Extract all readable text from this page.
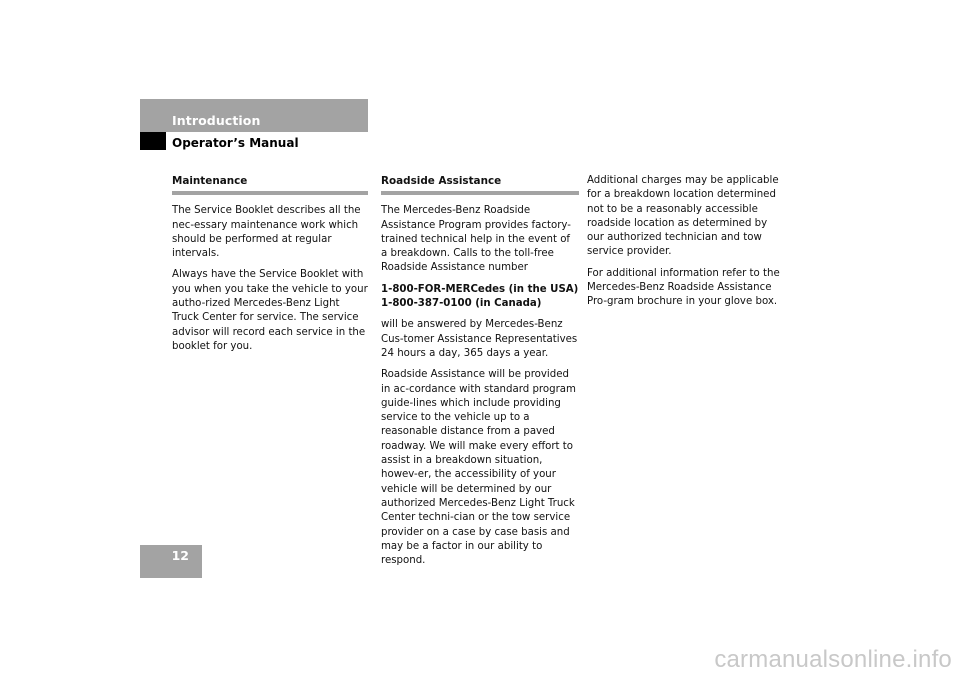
Introduction
Operator’s Manual
Maintenance

The Service Booklet describes all the nec-essary maintenance work which should be performed at regular intervals.

Always have the Service Booklet with you when you take the vehicle to your autho-rized Mercedes-Benz Light Truck Center for service. The service advisor will record each service in the booklet for you.

Roadside Assistance

The Mercedes-Benz Roadside Assistance Program provides factory-trained technical help in the event of a breakdown. Calls to the toll-free Roadside Assistance number

1-800-FOR-MERCedes (in the USA)

1-800-387-0100 (in Canada)

will be answered by Mercedes-Benz Cus-tomer Assistance Representatives 24 hours a day, 365 days a year.

Roadside Assistance will be provided in ac-cordance with standard program guide-lines which include providing service to the vehicle up to a reasonable distance from a paved roadway. We will make every effort to assist in a breakdown situation, howev-er, the accessibility of your vehicle will be determined by our authorized Mercedes-Benz Light Truck Center techni-cian or the tow service provider on a case by case basis and may be a factor in our ability to respond.

Additional charges may be applicable for a breakdown location determined not to be a reasonably accessible roadside location as determined by our authorized technician and tow service provider.

For additional information refer to the Mercedes-Benz Roadside Assistance Pro-gram brochure in your glove box.

12
carmanualsonline.info
